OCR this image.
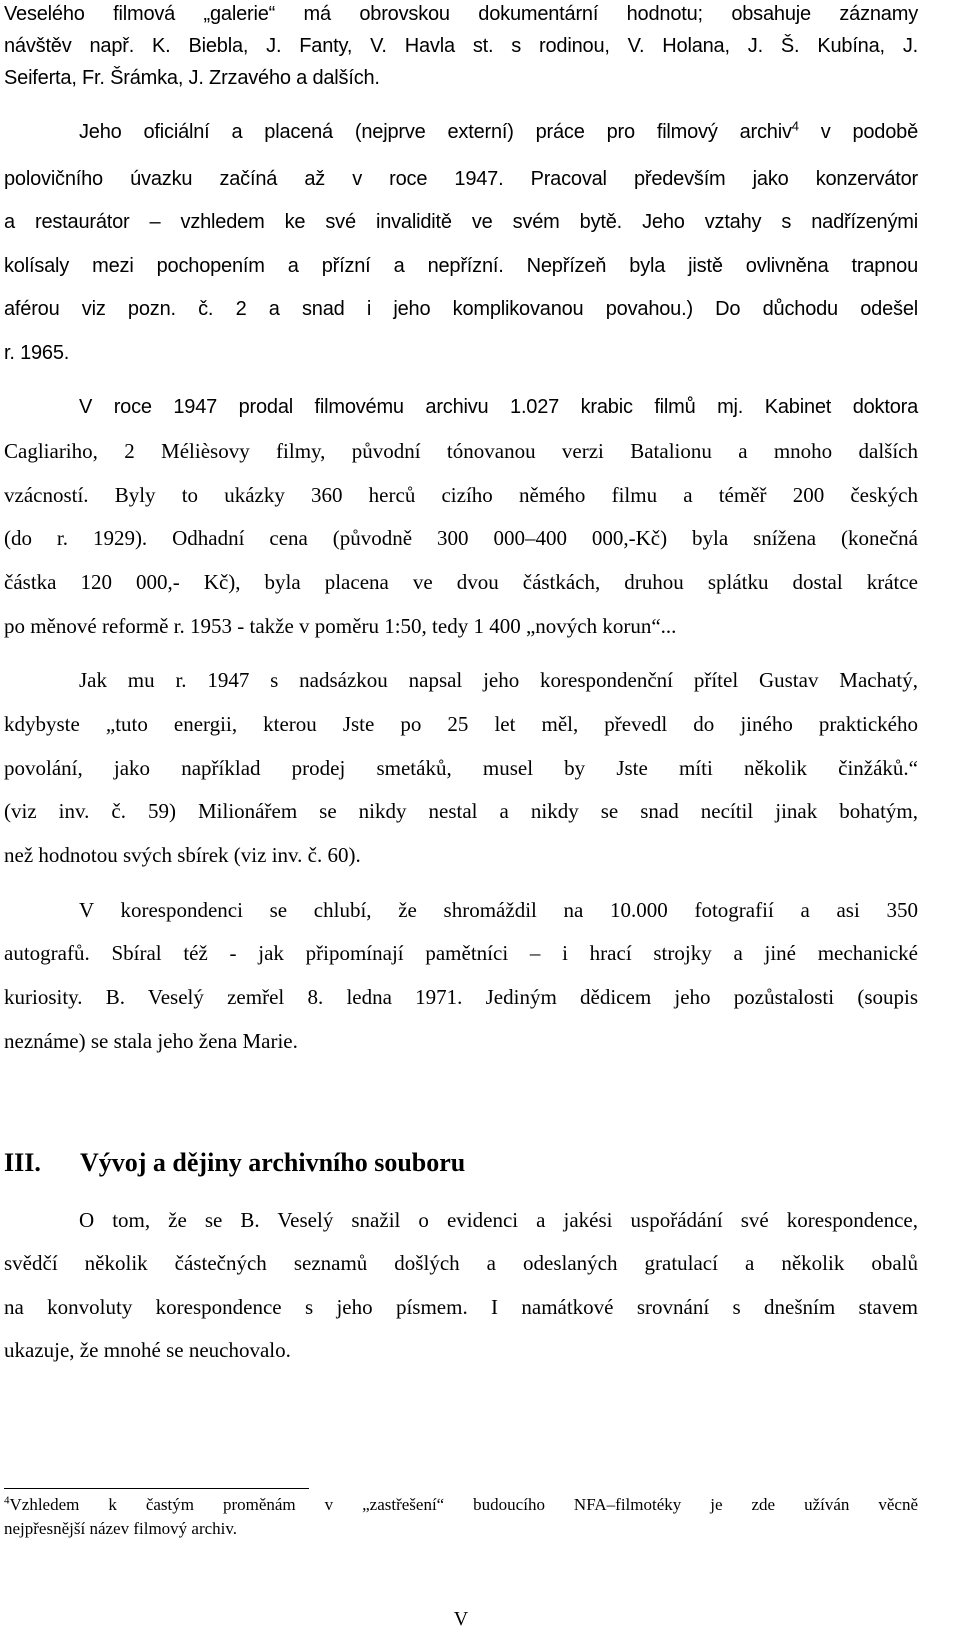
Veselého filmová „galerie“ má obrovskou dokumentární hodnotu; obsahuje záznamy
návštěv např. K. Biebla, J. Fanty, V. Havla st. s rodinou, V. Holana, J. Š. Kubína, J.
Seiferta, Fr. Šrámka, J. Zrzavého a dalších.
Jeho oficiální a placená (nejprve externí) práce pro filmový archiv$^4$ v podobě
polovičního úvazku začíná až v roce 1947. Pracoval především jako konzervátor
a restaurátor – vzhledem ke své invaliditě ve svém bytě. Jeho vztahy s nadřízenými
kolísaly mezi pochopením a přízní a nepřízní. Nepřízeň byla jistě ovlivněna trapnou
aférou viz pozn. č. 2 a snad i jeho komplikovanou povahou.) Do důchodu odešel
r. 1965.
V roce 1947 prodal filmovému archivu 1.027 krabic filmů mj. Kabinet doktora
Cagliariho, 2 Mélièsovy filmy, původní tónovanou verzi Batalionu a mnoho dalších
vzácností. Byly to ukázky 360 herců cizího němého filmu a téměř 200 českých
(do r. 1929). Odhadní cena (původně 300 000–400 000,-Kč) byla snížena (konečná
částka 120 000,- Kč), byla placena ve dvou částkách, druhou splátku dostal krátce
po měnové reformě r. 1953 - takže v poměru 1:50, tedy 1 400 „nových korun“...
Jak mu r. 1947 s nadsázkou napsal jeho korespondenční přítel Gustav Machatý,
kdybyste „tuto energii, kterou Jste po 25 let měl, převedl do jiného praktického
povolání, jako například prodej smetáků, musel by Jste míti několik činžáků.“
(viz inv. č. 59) Milionářem se nikdy nestal a nikdy se snad necítil jinak bohatým,
než hodnotou svých sbírek (viz inv. č. 60).
V korespondenci se chlubí, že shromáždil na 10.000 fotografií a asi 350
autografů. Sbíral též - jak připomínají pamětníci – i hrací strojky a jiné mechanické
kuriosity. B. Veselý zemřel 8. ledna 1971. Jediným dědicem jeho pozůstalosti (soupis
neznáme) se stala jeho žena Marie.
III. Vývoj a dějiny archivního souboru
O tom, že se B. Veselý snažil o evidenci a jakési uspořádání své korespondence,
svědčí několik částečných seznamů došlých a odeslaných gratulací a několik obalů
na konvoluty korespondence s jeho písmem. I namátkové srovnání s dnešním stavem
ukazuje, že mnohé se neuchovalo.
$^4$Vzhledem k častým proměnám v „zastřešení“ budoucího NFA–filmotéky je zde užíván věcně
nejpřesnější název filmový archiv.
V
